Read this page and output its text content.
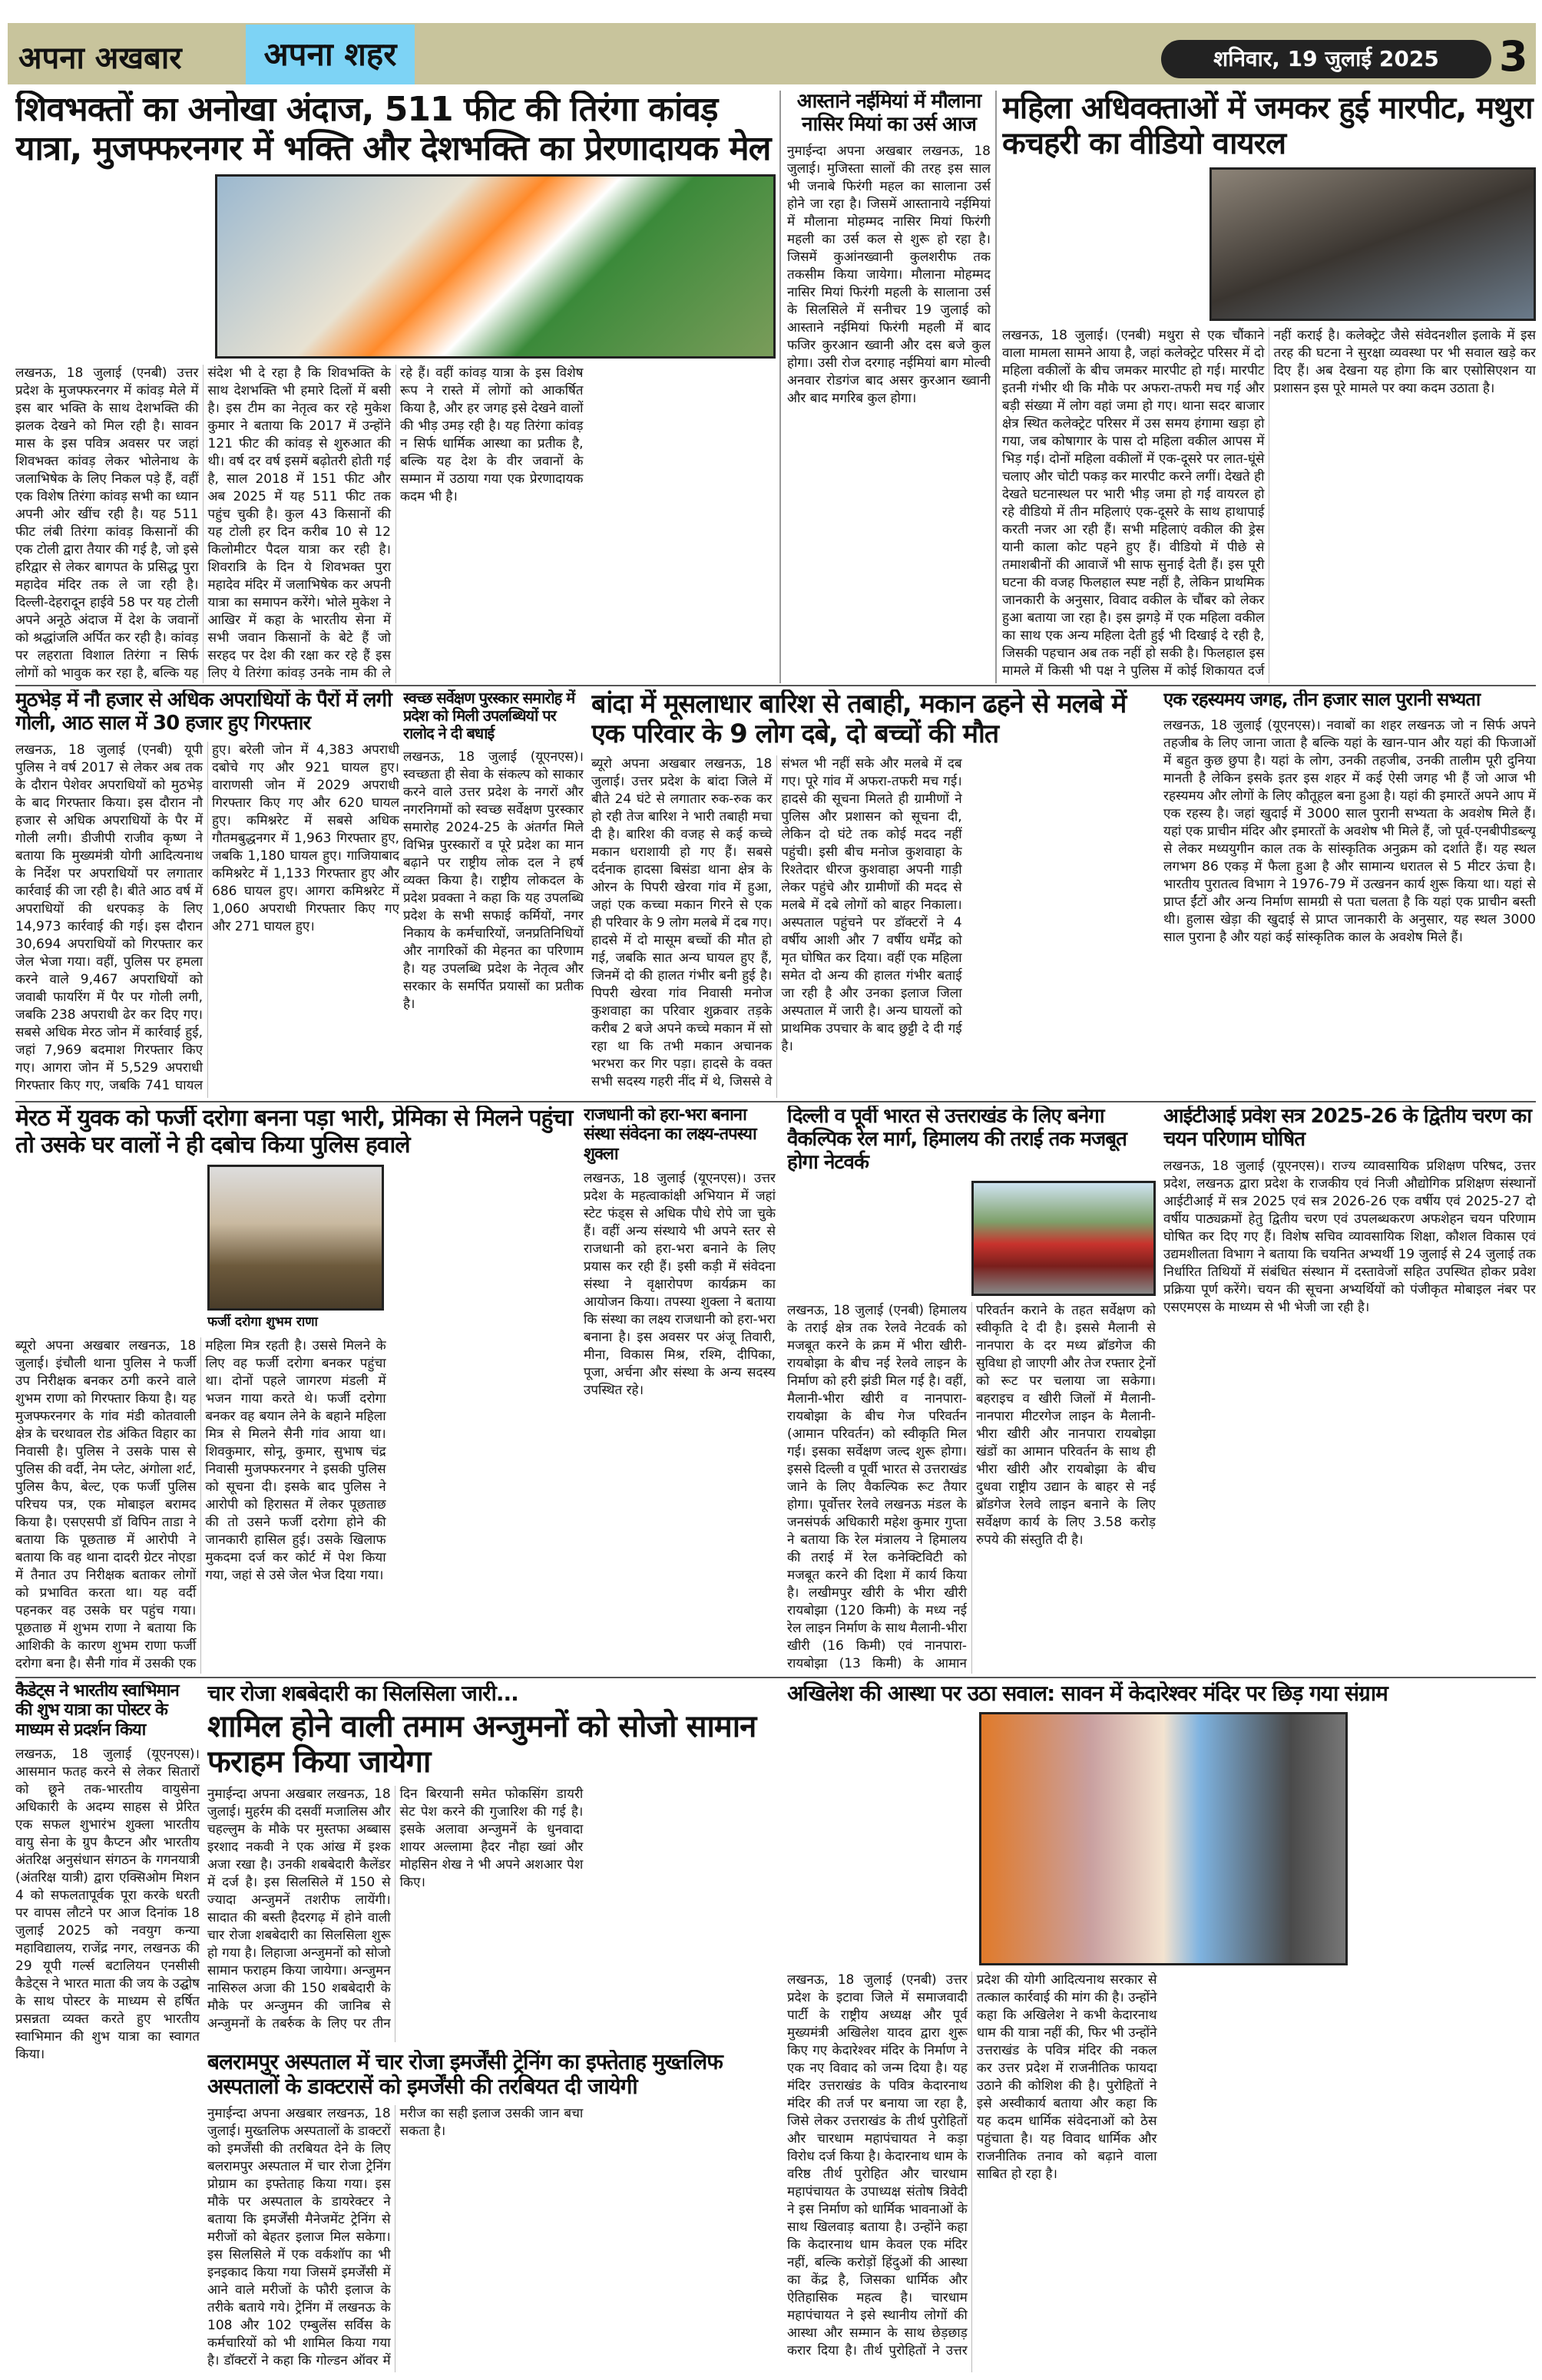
अपना अखबार	अपना शहर	शनिवार, 19 जुलाई 2025	3
शिवभक्तों का अनोखा अंदाज, 511 फीट की तिरंगा कांवड़ यात्रा, मुजफ्फरनगर में भक्ति और देशभक्ति का प्रेरणादायक मेल
लखनऊ, 18 जुलाई (एनबी) उत्तर प्रदेश के मुजफ्फरनगर में कांवड़ मेले में इस बार भक्ति के साथ देशभक्ति की झलक देखने को मिल रही है। सावन मास के इस पवित्र अवसर पर जहां शिवभक्त कांवड़ लेकर भोलेनाथ के जलाभिषेक के लिए निकल पड़े हैं, वहीं एक विशेष तिरंगा कांवड़ सभी का ध्यान अपनी ओर खींच रही है। यह 511 फीट लंबी तिरंगा कांवड़ किसानों की एक टोली द्वारा तैयार की गई है, जो इसे हरिद्वार से लेकर बागपत के प्रसिद्ध पुरा महादेव मंदिर तक ले जा रही है। दिल्ली-देहरादून हाईवे 58 पर यह टोली अपने अनूठे अंदाज में देश के जवानों को श्रद्धांजलि अर्पित कर रही है। कांवड़ पर लहराता विशाल तिरंगा न सिर्फ लोगों को भावुक कर रहा है, बल्कि यह संदेश भी दे रहा है कि शिवभक्ति के साथ देशभक्ति भी हमारे दिलों में बसी है। इस टीम का नेतृत्व कर रहे मुकेश कुमार ने बताया कि 2017 में उन्होंने 121 फीट की कांवड़ से शुरुआत की थी। वर्ष दर वर्ष इसमें बढ़ोतरी होती गई है, साल 2018 में 151 फीट और अब 2025 में यह 511 फीट तक पहुंच चुकी है। कुल 43 किसानों की यह टोली हर दिन करीब 10 से 12 किलोमीटर पैदल यात्रा कर रही है। शिवरात्रि के दिन ये शिवभक्त पुरा महादेव मंदिर में जलाभिषेक कर अपनी यात्रा का समापन करेंगे। भोले मुकेश ने आखिर में कहा के भारतीय सेना में सभी जवान किसानों के बेटे हैं जो सरहद पर देश की रक्षा कर रहे हैं इस लिए ये तिरंगा कांवड़ उनके नाम की ले रहे हैं। वहीं कांवड़ यात्रा के इस विशेष रूप ने रास्ते में लोगों को आकर्षित किया है, और हर जगह इसे देखने वालों की भीड़ उमड़ रही है। यह तिरंगा कांवड़ न सिर्फ धार्मिक आस्था का प्रतीक है, बल्कि यह देश के वीर जवानों के सम्मान में उठाया गया एक प्रेरणादायक कदम भी है।
आस्ताने नईमियां में मौलाना नासिर मियां का उर्स आज
नुमाईन्दा अपना अखबार लखनऊ, 18 जुलाई। मुजिस्ता सालों की तरह इस साल भी जनाबे फिरंगी महल का सालाना उर्स होने जा रहा है। जिसमें आस्तानाये नईमियां में मौलाना मोहम्मद नासिर मियां फिरंगी महली का उर्स कल से शुरू हो रहा है। जिसमें कुआंनख्वानी कुलशरीफ तक तकसीम किया जायेगा। मौलाना मोहम्मद नासिर मियां फिरंगी महली के सालाना उर्स के सिलसिले में सनीचर 19 जुलाई को आस्ताने नईमियां फिरंगी महली में बाद फजिर कुरआन ख्वानी और दस बजे कुल होगा। उसी रोज दरगाह नईमियां बाग मोल्वी अनवार रोडगंज बाद असर कुरआन ख्वानी और बाद मगरिब कुल होगा।
महिला अधिवक्ताओं में जमकर हुई मारपीट, मथुरा कचहरी का वीडियो वायरल
लखनऊ, 18 जुलाई। (एनबी) मथुरा से एक चौंकाने वाला मामला सामने आया है, जहां कलेक्ट्रेट परिसर में दो महिला वकीलों के बीच जमकर मारपीट हो गई। मारपीट इतनी गंभीर थी कि मौके पर अफरा-तफरी मच गई और बड़ी संख्या में लोग वहां जमा हो गए। थाना सदर बाजार क्षेत्र स्थित कलेक्ट्रेट परिसर में उस समय हंगामा खड़ा हो गया, जब कोषागार के पास दो महिला वकील आपस में भिड़ गई। दोनों महिला वकीलों में एक-दूसरे पर लात-घूंसे चलाए और चोटी पकड़ कर मारपीट करने लगीं। देखते ही देखते घटनास्थल पर भारी भीड़ जमा हो गई वायरल हो रहे वीडियो में तीन महिलाएं एक-दूसरे के साथ हाथापाई करती नजर आ रही हैं। सभी महिलाएं वकील की ड्रेस यानी काला कोट पहने हुए हैं। वीडियो में पीछे से तमाशबीनों की आवाजें भी साफ सुनाई देती हैं। इस पूरी घटना की वजह फिलहाल स्पष्ट नहीं है, लेकिन प्राथमिक जानकारी के अनुसार, विवाद वकील के चौंबर को लेकर हुआ बताया जा रहा है। इस झगड़े में एक महिला वकील का साथ एक अन्य महिला देती हुई भी दिखाई दे रही है, जिसकी पहचान अब तक नहीं हो सकी है। फिलहाल इस मामले में किसी भी पक्ष ने पुलिस में कोई शिकायत दर्ज नहीं कराई है। कलेक्ट्रेट जैसे संवेदनशील इलाके में इस तरह की घटना ने सुरक्षा व्यवस्था पर भी सवाल खड़े कर दिए हैं। अब देखना यह होगा कि बार एसोसिएशन या प्रशासन इस पूरे मामले पर क्या कदम उठाता है।
मुठभेड़ में नौ हजार से अधिक अपराधियों के पैरों में लगी गोली, आठ साल में 30 हजार हुए गिरफ्तार
लखनऊ, 18 जुलाई (एनबी) यूपी पुलिस ने वर्ष 2017 से लेकर अब तक के दौरान पेशेवर अपराधियों को मुठभेड़ के बाद गिरफ्तार किया। इस दौरान नौ हजार से अधिक अपराधियों के पैर में गोली लगी। डीजीपी राजीव कृष्ण ने बताया कि मुख्यमंत्री योगी आदित्यनाथ के निर्देश पर अपराधियों पर लगातार कार्रवाई की जा रही है। बीते आठ वर्ष में अपराधियों की धरपकड़ के लिए 14,973 कार्रवाई की गई। इस दौरान 30,694 अपराधियों को गिरफ्तार कर जेल भेजा गया। वहीं, पुलिस पर हमला करने वाले 9,467 अपराधियों को जवाबी फायरिंग में पैर पर गोली लगी, जबकि 238 अपराधी ढेर कर दिए गए। सबसे अधिक मेरठ जोन में कार्रवाई हुई, जहां 7,969 बदमाश गिरफ्तार किए गए। आगरा जोन में 5,529 अपराधी गिरफ्तार किए गए, जबकि 741 घायल हुए। बरेली जोन में 4,383 अपराधी दबोचे गए और 921 घायल हुए। वाराणसी जोन में 2029 अपराधी गिरफ्तार किए गए और 620 घायल हुए। कमिश्नरेट में सबसे अधिक गौतमबुद्धनगर में 1,963 गिरफ्तार हुए, जबकि 1,180 घायल हुए। गाजियाबाद कमिश्नरेट में 1,133 गिरफ्तार हुए और 686 घायल हुए। आगरा कमिश्नरेट में 1,060 अपराधी गिरफ्तार किए गए और 271 घायल हुए।
स्वच्छ सर्वेक्षण पुरस्कार समारोह में प्रदेश को मिली उपलब्धियों पर रालोद ने दी बधाई
लखनऊ, 18 जुलाई (यूएनएस)। स्वच्छता ही सेवा के संकल्प को साकार करने वाले उत्तर प्रदेश के नगरों और नगरनिगमों को स्वच्छ सर्वेक्षण पुरस्कार समारोह 2024-25 के अंतर्गत मिले विभिन्न पुरस्कारों व पूरे प्रदेश का मान बढ़ाने पर राष्ट्रीय लोक दल ने हर्ष व्यक्त किया है। राष्ट्रीय लोकदल के प्रदेश प्रवक्ता ने कहा कि यह उपलब्धि प्रदेश के सभी सफाई कर्मियों, नगर निकाय के कर्मचारियों, जनप्रतिनिधियों और नागरिकों की मेहनत का परिणाम है। यह उपलब्धि प्रदेश के नेतृत्व और सरकार के समर्पित प्रयासों का प्रतीक है।
बांदा में मूसलाधार बारिश से तबाही, मकान ढहने से मलबे में एक परिवार के 9 लोग दबे, दो बच्चों की मौत
ब्यूरो अपना अखबार लखनऊ, 18 जुलाई। उत्तर प्रदेश के बांदा जिले में बीते 24 घंटे से लगातार रुक-रुक कर हो रही तेज बारिश ने भारी तबाही मचा दी है। बारिश की वजह से कई कच्चे मकान धराशायी हो गए हैं। सबसे दर्दनाक हादसा बिसंडा थाना क्षेत्र के ओरन के पिपरी खेरवा गांव में हुआ, जहां एक कच्चा मकान गिरने से एक ही परिवार के 9 लोग मलबे में दब गए। हादसे में दो मासूम बच्चों की मौत हो गई, जबकि सात अन्य घायल हुए हैं, जिनमें दो की हालत गंभीर बनी हुई है। पिपरी खेरवा गांव निवासी मनोज कुशवाहा का परिवार शुक्रवार तड़के करीब 2 बजे अपने कच्चे मकान में सो रहा था कि तभी मकान अचानक भरभरा कर गिर पड़ा। हादसे के वक्त सभी सदस्य गहरी नींद में थे, जिससे वे संभल भी नहीं सके और मलबे में दब गए। पूरे गांव में अफरा-तफरी मच गई। हादसे की सूचना मिलते ही ग्रामीणों ने पुलिस और प्रशासन को सूचना दी, लेकिन दो घंटे तक कोई मदद नहीं पहुंची। इसी बीच मनोज कुशवाहा के रिश्तेदार धीरज कुशवाहा अपनी गाड़ी लेकर पहुंचे और ग्रामीणों की मदद से मलबे में दबे लोगों को बाहर निकाला। अस्पताल पहुंचने पर डॉक्टरों ने 4 वर्षीय आशी और 7 वर्षीय धर्मेंद्र को मृत घोषित कर दिया। वहीं एक महिला समेत दो अन्य की हालत गंभीर बताई जा रही है और उनका इलाज जिला अस्पताल में जारी है। अन्य घायलों को प्राथमिक उपचार के बाद छुट्टी दे दी गई है।
एक रहस्यमय जगह, तीन हजार साल पुरानी सभ्यता
लखनऊ, 18 जुलाई (यूएनएस)। नवाबों का शहर लखनऊ जो न सिर्फ अपने तहजीब के लिए जाना जाता है बल्कि यहां के खान-पान और यहां की फिजाओं में बहुत कुछ छुपा है। यहां के लोग, उनकी तहजीब, उनकी तालीम पूरी दुनिया मानती है लेकिन इसके इतर इस शहर में कई ऐसी जगह भी हैं जो आज भी रहस्यमय और लोगों के लिए कौतूहल बना हुआ है। यहां की इमारतें अपने आप में एक रहस्य है। जहां खुदाई में 3000 साल पुरानी सभ्यता के अवशेष मिले हैं। यहां एक प्राचीन मंदिर और इमारतों के अवशेष भी मिले हैं, जो पूर्व-एनबीपीडब्ल्यू से लेकर मध्ययुगीन काल तक के सांस्कृतिक अनुक्रम को दर्शाते हैं। यह स्थल लगभग 86 एकड़ में फैला हुआ है और सामान्य धरातल से 5 मीटर ऊंचा है। भारतीय पुरातत्व विभाग ने 1976-79 में उत्खनन कार्य शुरू किया था। यहां से प्राप्त ईंटों और अन्य निर्माण सामग्री से पता चलता है कि यहां एक प्राचीन बस्ती थी। हुलास खेड़ा की खुदाई से प्राप्त जानकारी के अनुसार, यह स्थल 3000 साल पुराना है और यहां कई सांस्कृतिक काल के अवशेष मिले हैं।
मेरठ में युवक को फर्जी दरोगा बनना पड़ा भारी, प्रेमिका से मिलने पहुंचा तो उसके घर वालों ने ही दबोच किया पुलिस हवाले
फर्जी दरोगा शुभम राणा
ब्यूरो अपना अखबार लखनऊ, 18 जुलाई। इंचौली थाना पुलिस ने फर्जी उप निरीक्षक बनकर ठगी करने वाले शुभम राणा को गिरफ्तार किया है। यह मुजफ्फरनगर के गांव मंडी कोतवाली क्षेत्र के चरथावल रोड अंकित विहार का निवासी है। पुलिस ने उसके पास से पुलिस की वर्दी, नेम प्लेट, अंगोला शर्ट, पुलिस कैप, बेल्ट, एक फर्जी पुलिस परिचय पत्र, एक मोबाइल बरामद किया है। एसएसपी डॉ विपिन ताडा ने बताया कि पूछताछ में आरोपी ने बताया कि वह थाना दादरी ग्रेटर नोएडा में तैनात उप निरीक्षक बताकर लोगों को प्रभावित करता था। यह वर्दी पहनकर वह उसके घर पहुंच गया। पूछताछ में शुभम राणा ने बताया कि आशिकी के कारण शुभम राणा फर्जी दरोगा बना है। सैनी गांव में उसकी एक महिला मित्र रहती है। उससे मिलने के लिए वह फर्जी दरोगा बनकर पहुंचा था। दोनों पहले जागरण मंडली में भजन गाया करते थे। फर्जी दरोगा बनकर वह बयान लेने के बहाने महिला मित्र से मिलने सैनी गांव आया था। शिवकुमार, सोनू, कुमार, सुभाष चंद्र निवासी मुजफ्फरनगर ने इसकी पुलिस को सूचना दी। इसके बाद पुलिस ने आरोपी को हिरासत में लेकर पूछताछ की तो उसने फर्जी दरोगा होने की जानकारी हासिल हुई। उसके खिलाफ मुकदमा दर्ज कर कोर्ट में पेश किया गया, जहां से उसे जेल भेज दिया गया।
राजधानी को हरा-भरा बनाना संस्था संवेदना का लक्ष्य-तपस्या शुक्ला
लखनऊ, 18 जुलाई (यूएनएस)। उत्तर प्रदेश के महत्वाकांक्षी अभियान में जहां स्टेट फंड्स से अधिक पौधे रोपे जा चुके हैं। वहीं अन्य संस्थाये भी अपने स्तर से राजधानी को हरा-भरा बनाने के लिए प्रयास कर रही हैं। इसी कड़ी में संवेदना संस्था ने वृक्षारोपण कार्यक्रम का आयोजन किया। तपस्या शुक्ला ने बताया कि संस्था का लक्ष्य राजधानी को हरा-भरा बनाना है। इस अवसर पर अंजू तिवारी, मीना, विकास मिश्र, रश्मि, दीपिका, पूजा, अर्चना और संस्था के अन्य सदस्य उपस्थित रहे।
दिल्ली व पूर्वी भारत से उत्तराखंड के लिए बनेगा वैकल्पिक रेल मार्ग, हिमालय की तराई तक मजबूत होगा नेटवर्क
लखनऊ, 18 जुलाई (एनबी) हिमालय के तराई क्षेत्र तक रेलवे नेटवर्क को मजबूत करने के क्रम में भीरा खीरी-रायबोझा के बीच नई रेलवे लाइन के निर्माण को हरी झंडी मिल गई है। वहीं, मैलानी-भीरा खीरी व नानपारा-रायबोझा के बीच गेज परिवर्तन (आमान परिवर्तन) को स्वीकृति मिल गई। इसका सर्वेक्षण जल्द शुरू होगा। इससे दिल्ली व पूर्वी भारत से उत्तराखंड जाने के लिए वैकल्पिक रूट तैयार होगा। पूर्वोत्तर रेलवे लखनऊ मंडल के जनसंपर्क अधिकारी महेश कुमार गुप्ता ने बताया कि रेल मंत्रालय ने हिमालय की तराई में रेल कनेक्टिविटी को मजबूत करने की दिशा में कार्य किया है। लखीमपुर खीरी के भीरा खीरी रायबोझा (120 किमी) के मध्य नई रेल लाइन निर्माण के साथ मैलानी-भीरा खीरी (16 किमी) एवं नानपारा-रायबोझा (13 किमी) के आमान परिवर्तन कराने के तहत सर्वेक्षण को स्वीकृति दे दी है। इससे मैलानी से नानपारा के दर मध्य ब्रॉडगेज की सुविधा हो जाएगी और तेज रफ्तार ट्रेनों को रूट पर चलाया जा सकेगा। बहराइच व खीरी जिलों में मैलानी-नानपारा मीटरगेज लाइन के मैलानी-भीरा खीरी और नानपारा रायबोझा खंडों का आमान परिवर्तन के साथ ही भीरा खीरी और रायबोझा के बीच दुधवा राष्ट्रीय उद्यान के बाहर से नई ब्रॉडगेज रेलवे लाइन बनाने के लिए सर्वेक्षण कार्य के लिए 3.58 करोड़ रुपये की संस्तुति दी है।
आईटीआई प्रवेश सत्र 2025-26 के द्वितीय चरण का चयन परिणाम घोषित
लखनऊ, 18 जुलाई (यूएनएस)। राज्य व्यावसायिक प्रशिक्षण परिषद, उत्तर प्रदेश, लखनऊ द्वारा प्रदेश के राजकीय एवं निजी औद्योगिक प्रशिक्षण संस्थानों आईटीआई में सत्र 2025 एवं सत्र 2026-26 एक वर्षीय एवं 2025-27 दो वर्षीय पाठ्यक्रमों हेतु द्वितीय चरण एवं उपलब्धकरण अफशेहन चयन परिणाम घोषित कर दिए गए हैं। विशेष सचिव व्यावसायिक शिक्षा, कौशल विकास एवं उद्यमशीलता विभाग ने बताया कि चयनित अभ्यर्थी 19 जुलाई से 24 जुलाई तक निर्धारित तिथियों में संबंधित संस्थान में दस्तावेजों सहित उपस्थित होकर प्रवेश प्रक्रिया पूर्ण करेंगे। चयन की सूचना अभ्यर्थियों को पंजीकृत मोबाइल नंबर पर एसएमएस के माध्यम से भी भेजी जा रही है।
कैडेट्स ने भारतीय स्वाभिमान की शुभ यात्रा का पोस्टर के माध्यम से प्रदर्शन किया
लखनऊ, 18 जुलाई (यूएनएस)। आसमान फतह करने से लेकर सितारों को छूने तक-भारतीय वायुसेना अधिकारी के अदम्य साहस से प्रेरित एक सफल शुभारंभ शुक्ला भारतीय वायु सेना के ग्रुप कैप्टन और भारतीय अंतरिक्ष अनुसंधान संगठन के गगनयात्री (अंतरिक्ष यात्री) द्वारा एक्सिओम मिशन 4 को सफलतापूर्वक पूरा करके धरती पर वापस लौटने पर आज दिनांक 18 जुलाई 2025 को नवयुग कन्या महाविद्यालय, राजेंद्र नगर, लखनऊ की 29 यूपी गर्ल्स बटालियन एनसीसी कैडेट्स ने भारत माता की जय के उद्घोष के साथ पोस्टर के माध्यम से हर्षित प्रसन्नता व्यक्त करते हुए भारतीय स्वाभिमान की शुभ यात्रा का स्वागत किया।
चार रोजा शबबेदारी का सिलसिला जारी...
शामिल होने वाली तमाम अन्जुमनों को सोजो सामान फराहम किया जायेगा
नुमाईन्दा अपना अखबार लखनऊ, 18 जुलाई। मुहर्रम की दसवीं मजालिस और चहल्लुम के मौके पर मुस्तफा अब्बास इरशाद नकवी ने एक आंख में इश्क अजा रखा है। उनकी शबबेदारी कैलेंडर में दर्ज है। इस सिलसिले में 150 से ज्यादा अन्जुमनें तशरीफ लायेंगी। सादात की बस्ती हैदरगढ़ में होने वाली चार रोजा शबबेदारी का सिलसिला शुरू हो गया है। लिहाजा अन्जुमनों को सोजो सामान फराहम किया जायेगा। अन्जुमन नासिरुल अजा की 150 शबबेदारी के मौके पर अन्जुमन की जानिब से अन्जुमनों के तबर्रुक के लिए पर तीन दिन बिरयानी समेत फोकसिंग डायरी सेट पेश करने की गुजारिश की गई है। इसके अलावा अन्जुमनें के धुनवादा शायर अल्लामा हैदर नौहा ख्वां और मोहसिन शेख ने भी अपने अशआर पेश किए।
बलरामपुर अस्पताल में चार रोजा इमर्जेंसी ट्रेनिंग का इफ्तेताह मुख्तलिफ अस्पतालों के डाक्टरासें को इमर्जेंसी की तरबियत दी जायेगी
नुमाईन्दा अपना अखबार लखनऊ, 18 जुलाई। मुख्तलिफ अस्पतालों के डाक्टरों को इमर्जेंसी की तरबियत देने के लिए बलरामपुर अस्पताल में चार रोजा ट्रेनिंग प्रोग्राम का इफ्तेताह किया गया। इस मौके पर अस्पताल के डायरेक्टर ने बताया कि इमर्जेंसी मैनेजमेंट ट्रेनिंग से मरीजों को बेहतर इलाज मिल सकेगा। इस सिलसिले में एक वर्कशॉप का भी इनइकाद किया गया जिसमें इमर्जेंसी में आने वाले मरीजों के फौरी इलाज के तरीके बताये गये। ट्रेनिंग में लखनऊ के 108 और 102 एम्बुलेंस सर्विस के कर्मचारियों को भी शामिल किया गया है। डॉक्टरों ने कहा कि गोल्डन ऑवर में मरीज का सही इलाज उसकी जान बचा सकता है।
अखिलेश की आस्था पर उठा सवाल: सावन में केदारेश्वर मंदिर पर छिड़ गया संग्राम
लखनऊ, 18 जुलाई (एनबी) उत्तर प्रदेश के इटावा जिले में समाजवादी पार्टी के राष्ट्रीय अध्यक्ष और पूर्व मुख्यमंत्री अखिलेश यादव द्वारा शुरू किए गए केदारेश्वर मंदिर के निर्माण ने एक नए विवाद को जन्म दिया है। यह मंदिर उत्तराखंड के पवित्र केदारनाथ मंदिर की तर्ज पर बनाया जा रहा है, जिसे लेकर उत्तराखंड के तीर्थ पुरोहितों और चारधाम महापंचायत ने कड़ा विरोध दर्ज किया है। केदारनाथ धाम के वरिष्ठ तीर्थ पुरोहित और चारधाम महापंचायत के उपाध्यक्ष संतोष त्रिवेदी ने इस निर्माण को धार्मिक भावनाओं के साथ खिलवाड़ बताया है। उन्होंने कहा कि केदारनाथ धाम केवल एक मंदिर नहीं, बल्कि करोड़ों हिंदुओं की आस्था का केंद्र है, जिसका धार्मिक और ऐतिहासिक महत्व है। चारधाम महापंचायत ने इसे स्थानीय लोगों की आस्था और सम्मान के साथ छेड़छाड़ करार दिया है। तीर्थ पुरोहितों ने उत्तर प्रदेश की योगी आदित्यनाथ सरकार से तत्काल कार्रवाई की मांग की है। उन्होंने कहा कि अखिलेश ने कभी केदारनाथ धाम की यात्रा नहीं की, फिर भी उन्होंने उत्तराखंड के पवित्र मंदिर की नकल कर उत्तर प्रदेश में राजनीतिक फायदा उठाने की कोशिश की है। पुरोहितों ने इसे अस्वीकार्य बताया और कहा कि यह कदम धार्मिक संवेदनाओं को ठेस पहुंचाता है। यह विवाद धार्मिक और राजनीतिक तनाव को बढ़ाने वाला साबित हो रहा है।
